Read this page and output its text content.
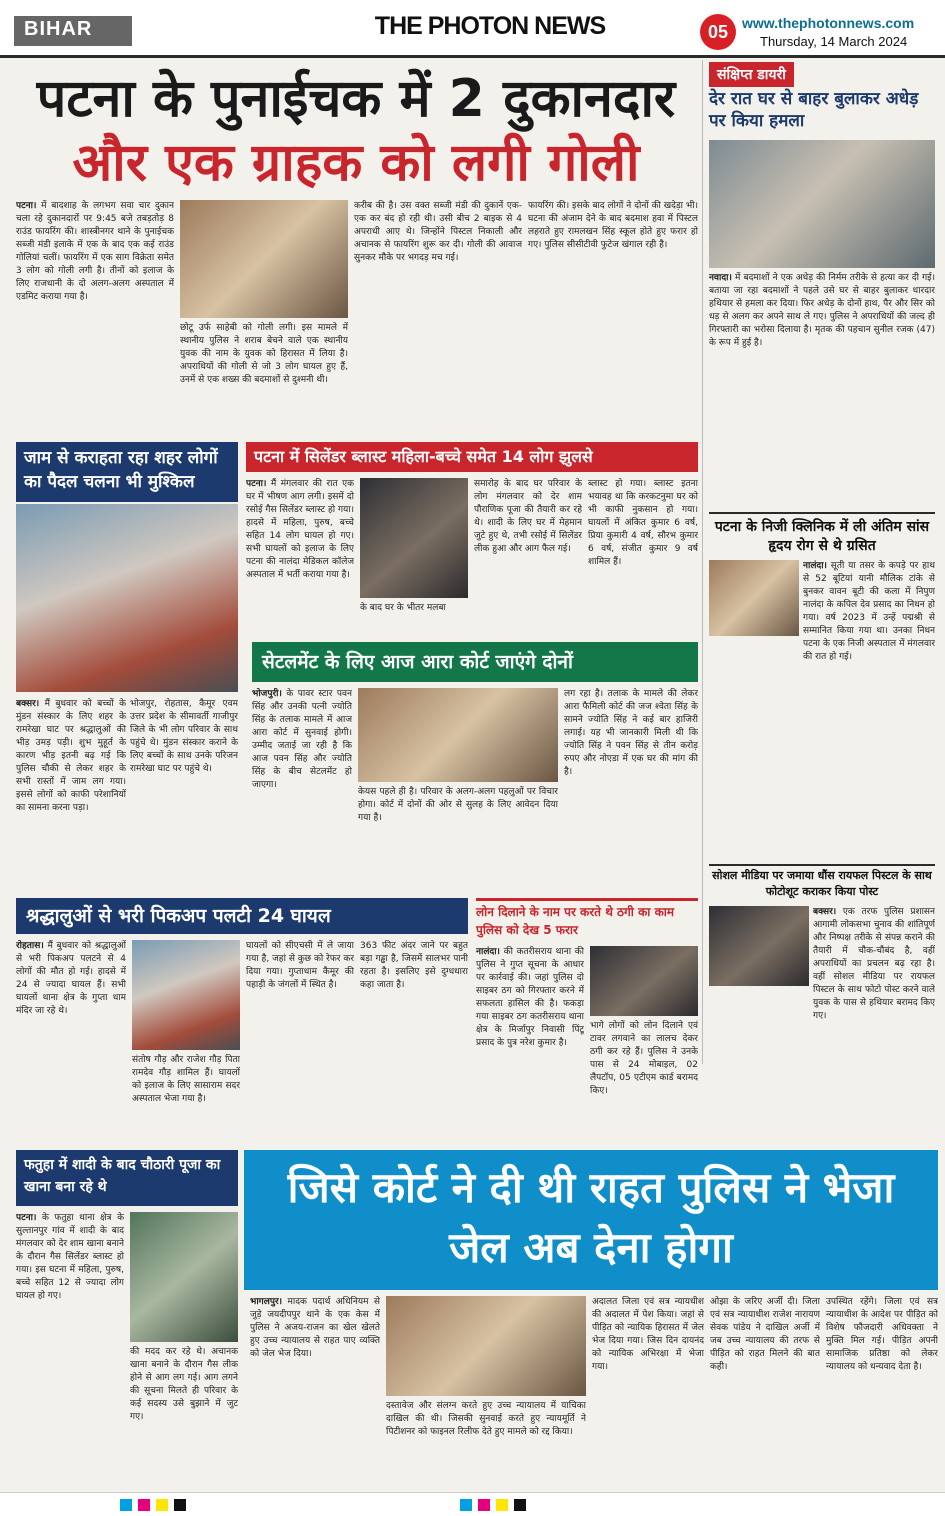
BIHAR	THE PHOTON NEWS	05 www.thephotonnews.com
Thursday, 14 March 2024
पटना के पुनाईचक में 2 दुकानदार
और एक ग्राहक को लगी गोली
पटना। में बादशाह के लगभग सवा चार दुकान चला रहे दुकानदारों पर 9:45 बजे तबड़तोड़ 8 राउंड फायरिंग की। शास्त्रीनगर थाने के पुनाईचक सब्जी मंडी इलाके में एक के बाद एक कई राउंड गोलियां चलीं। फायरिंग में एक साग विक्रेता समेत 3 लोग को गोली लगी है। तीनों को इलाज के लिए राजधानी के दो अलग-अलग अस्पताल में एडमिट कराया गया है।
छोटू उर्फ साहेबी को गोली लगी। इस मामले में स्थानीय पुलिस ने शराब बेचने वाले एक स्थानीय युवक की नाम के युवक को हिरासत में लिया है। अपराधियों की गोली से जो 3 लोग घायल हुए हैं, उनमें से एक शख्स की बदमाशों से दुश्मनी थी।
करीब की है। उस वक्त सब्जी मंडी की दुकानें एक-एक कर बंद हो रही थी। उसी बीच 2 बाइक से 4 अपराधी आए थे। जिन्होंने पिस्टल निकाली और अचानक से फायरिंग शुरू कर दी। गोली की आवाज सुनकर मौके पर भगदड़ मच गई।
फायरिंग की। इसके बाद लोगों ने दोनों की खदेड़ा भी। घटना की अंजाम देने के बाद बदमाश हवा में पिस्टल लहराते हुए रामलखन सिंह स्कूल होते हुए फरार हो गए। पुलिस सीसीटीवी फुटेज खंगाल रही है।
जाम से कराहता रहा शहर लोगों का पैदल चलना भी मुश्किल
बक्सर। मैं बुधवार को बच्चों के मुंडन संस्कार के लिए शहर के रामरेखा घाट पर श्रद्धालुओं की भीड़ उमड़ पड़ी। शुभ मुहूर्त के कारण भीड़ इतनी बढ़ गई कि पुलिस चौकी से लेकर शहर के सभी रास्तों में जाम लग गया। इससे लोगों को काफी परेशानियों का सामना करना पड़ा।
भोजपुर, रोहतास, कैमूर एवम उत्तर प्रदेश के सीमावर्ती गाजीपुर जिले के भी लोग परिवार के साथ पहुंचे थे। मुंडन संस्कार कराने के लिए बच्चों के साथ उनके परिजन रामरेखा घाट पर पहुंचे थे।
पटना में सिलेंडर ब्लास्ट महिला-बच्चे समेत 14 लोग झुलसे
पटना। मैं मंगलवार की रात एक घर में भीषण आग लगी। इसमें दो रसोई गैस सिलेंडर ब्लास्ट हो गया। हादसे में महिला, पुरुष, बच्चे सहित 14 लोग घायल हो गए। सभी घायलों को इलाज के लिए पटना की नालंदा मेडिकल कॉलेज अस्पताल में भर्ती कराया गया है।
के बाद घर के भीतर मलबा
समारोह के बाद घर परिवार के लोग मंगलवार को देर शाम पौराणिक पूजा की तैयारी कर रहे थे। शादी के लिए घर में मेहमान जुटे हुए थे, तभी रसोई में सिलेंडर लीक हुआ और आग फैल गई।
ब्लास्ट हो गया। ब्लास्ट इतना भयावह था कि करकटनुमा घर को भी काफी नुकसान हो गया। घायलों में अंकित कुमार 6 वर्ष, प्रिया कुमारी 4 वर्ष, सौरभ कुमार 6 वर्ष, संजीत कुमार 9 वर्ष शामिल हैं।
सेटलमेंट के लिए आज आरा कोर्ट जाएंगे दोनों
भोजपुरी। के पावर स्टार पवन सिंह और उनकी पत्नी ज्योति सिंह के तलाक मामले में आज आरा कोर्ट में सुनवाई होगी। उम्मीद जताई जा रही है कि आज पवन सिंह और ज्योति सिंह के बीच सेटलमेंट हो जाएगा।
केयस पहले ही है। परिवार के अलग-अलग पहलुओं पर विचार होगा। कोर्ट में दोनों की ओर से सुलह के लिए आवेदन दिया गया है।
लग रहा है। तलाक के मामले की लेकर आरा फैमिली कोर्ट की जज श्वेता सिंह के सामने ज्योति सिंह ने कई बार हाजिरी लगाई। यह भी जानकारी मिली थी कि ज्योति सिंह ने पवन सिंह से तीन करोड़ रुपए और नोएडा में एक घर की मांग की है।
श्रद्धालुओं से भरी पिकअप पलटी 24 घायल
रोहतास। मैं बुधवार को श्रद्धालुओं से भरी पिकअप पलटने से 4 लोगों की मौत हो गई। हादसे में 24 से ज्यादा घायल हैं। सभी घायलों थाना क्षेत्र के गुप्ता धाम मंदिर जा रहे थे।
संतोष गौड़ और राजेश गौड़ पिता रामदेव गौड़ शामिल हैं। घायलों को इलाज के लिए सासाराम सदर अस्पताल भेजा गया है।
घायलों को सीएचसी में ले जाया गया है, जहां से कुछ को रेफर कर दिया गया। गुप्ताधाम कैमूर की पहाड़ी के जंगलों में स्थित है।
363 फीट अंदर जाने पर बहुत बड़ा गड्ढा है, जिसमें सालभर पानी रहता है। इसलिए इसे दुग्धधारा कहा जाता है।
लोन दिलाने के नाम पर करते थे ठगी का काम पुलिस को देख 5 फरार
नालंदा। की कतरीसराय थाना की पुलिस ने गुप्त सूचना के आधार पर कार्रवाई की। जहां पुलिस दो साइबर ठग को गिरफ्तार करने में सफलता हासिल की है। फकड़ा गया साइबर ठग कतरीसराय थाना क्षेत्र के मिर्जापुर निवासी पिंटू प्रसाद के पुत्र नरेश कुमार है।
भागे लोगों को लोन दिलाने एवं टावर लगवाने का लालच देकर ठगी कर रहे हैं। पुलिस ने उनके पास से 24 मोबाइल, 02 लैपटॉप, 05 एटीएम कार्ड बरामद किए।
फतुहा में शादी के बाद चौठारी पूजा का खाना बना रहे थे
पटना। के फतुहा थाना क्षेत्र के सुल्तानपुर गांव में शादी के बाद मंगलवार को देर शाम खाना बनाने के दौरान गैस सिलेंडर ब्लास्ट हो गया। इस घटना में महिला, पुरुष, बच्चे सहित 12 से ज्यादा लोग घायल हो गए।
की मदद कर रहे थे। अचानक खाना बनाने के दौरान गैस लीक होने से आग लग गई। आग लगने की सूचना मिलते ही परिवार के कई सदस्य उसे बुझाने में जुट गए।
जिसे कोर्ट ने दी थी राहत पुलिस ने भेजा जेल अब देना होगा
भागलपुर। मादक पदार्थ अधिनियम से जुड़े जयदीपपुर थाने के एक केस में पुलिस ने अजय-राजन का खेल खेलते हुए उच्च न्यायालय से राहत पाए व्यक्ति को जेल भेज दिया।
दस्तावेज और संलग्न करते हुए उच्च न्यायालय में याचिका दाखिल की थी। जिसकी सुनवाई करते हुए न्यायमूर्ति ने पिटीशनर को फाइनल रिलीफ देते हुए मामले को रद्द किया।
अदालत जिला एवं सत्र न्यायधीश की अदालत में पेश किया। जहां से पीड़ित को न्यायिक हिरासत में जेल भेज दिया गया। जिस दिन दायनंद को न्यायिक अभिरक्षा में भेजा गया।
ओझा के जरिए अर्जी दी। जिला एवं सत्र न्यायाधीश राजेश नारायण सेवक पांडेय ने दाखिल अर्जी में जब उच्च न्यायालय की तरफ से पीड़ित को राहत मिलने की बात कही।
उपस्थित रहेंगे। जिला एवं सत्र न्यायाधीश के आदेश पर पीड़ित को विशेष फौजदारी अधिवक्ता ने मुक्ति मिल गई। पीड़ित अपनी सामाजिक प्रतिष्ठा को लेकर न्यायालय को धन्यवाद देता है।
संक्षिप्त डायरी
देर रात घर से बाहर बुलाकर अधेड़ पर किया हमला
नवादा। में बदमाशों ने एक अधेड़ की निर्मम तरीके से हत्या कर दी गई। बताया जा रहा बदमाशों ने पहले उसे घर से बाहर बुलाकर धारदार हथियार से हमला कर दिया। फिर अधेड़ के दोनों हाथ, पैर और सिर को धड़ से अलग कर अपने साथ ले गए। पुलिस ने अपराधियों की जल्द ही गिरफ्तारी का भरोसा दिलाया है। मृतक की पहचान सुनील रजक (47) के रूप में हुई है।
पटना के निजी क्लिनिक में ली अंतिम सांस हृदय रोग से थे ग्रसित
नालंदा। सूती या तसर के कपड़े पर हाथ से 52 बूटियां यानी मौलिक टांके से बुनकर वावन बूटी की कला में निपुण नालंदा के कपिल देव प्रसाद का निधन हो गया। वर्ष 2023 में उन्हें पद्मश्री से सम्मानित किया गया था। उनका निधन पटना के एक निजी अस्पताल में मंगलवार की रात हो गई।
सोशल मीडिया पर जमाया धौंस रायफल पिस्टल के साथ फोटोशूट कराकर किया पोस्ट
बक्सर। एक तरफ पुलिस प्रशासन आगामी लोकसभा चुनाव की शांतिपूर्ण और निष्पक्ष तरीके से संपन्न कराने की तैयारी में चौक-चौबंद है, वहीं अपराधियों का प्रचलन बढ़ रहा है। वहीं सोशल मीडिया पर रायफल पिस्टल के साथ फोटो पोस्ट करने वाले युवक के पास से हथियार बरामद किए गए।
